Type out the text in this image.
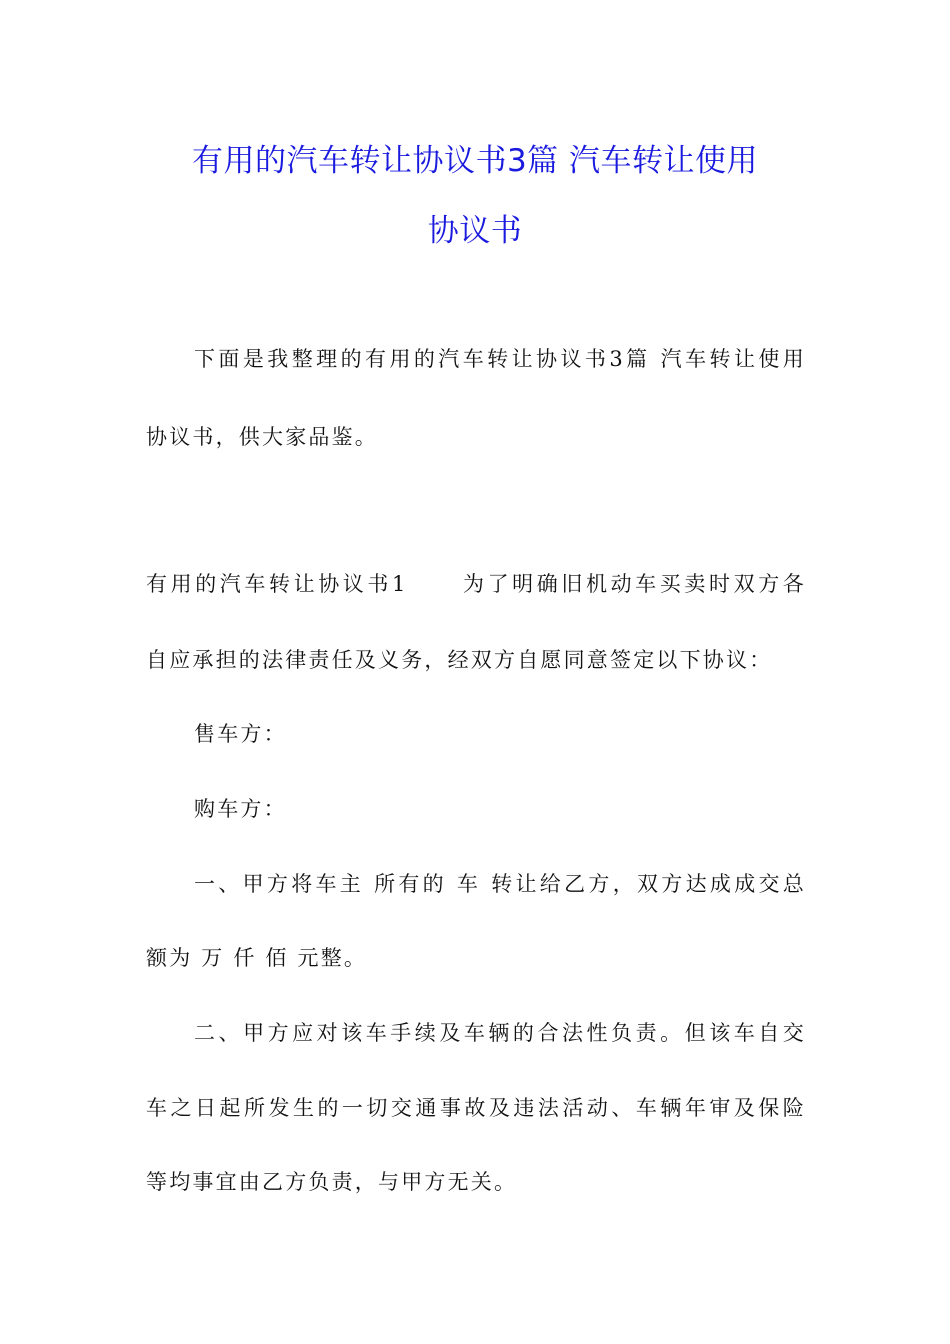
有用的汽车转让协议书3篇 汽车转让使用
协议书
下面是我整理的有用的汽车转让协议书3篇 汽车转让使用
协议书，供大家品鉴。
有用的汽车转让协议书1	为了明确旧机动车买卖时双方各
自应承担的法律责任及义务，经双方自愿同意签定以下协议：
售车方：
购车方：
一、甲方将车主 所有的 车 转让给乙方，双方达成成交总
额为 万 仟 佰 元整。
二、甲方应对该车手续及车辆的合法性负责。但该车自交
车之日起所发生的一切交通事故及违法活动、车辆年审及保险
等均事宜由乙方负责，与甲方无关。
